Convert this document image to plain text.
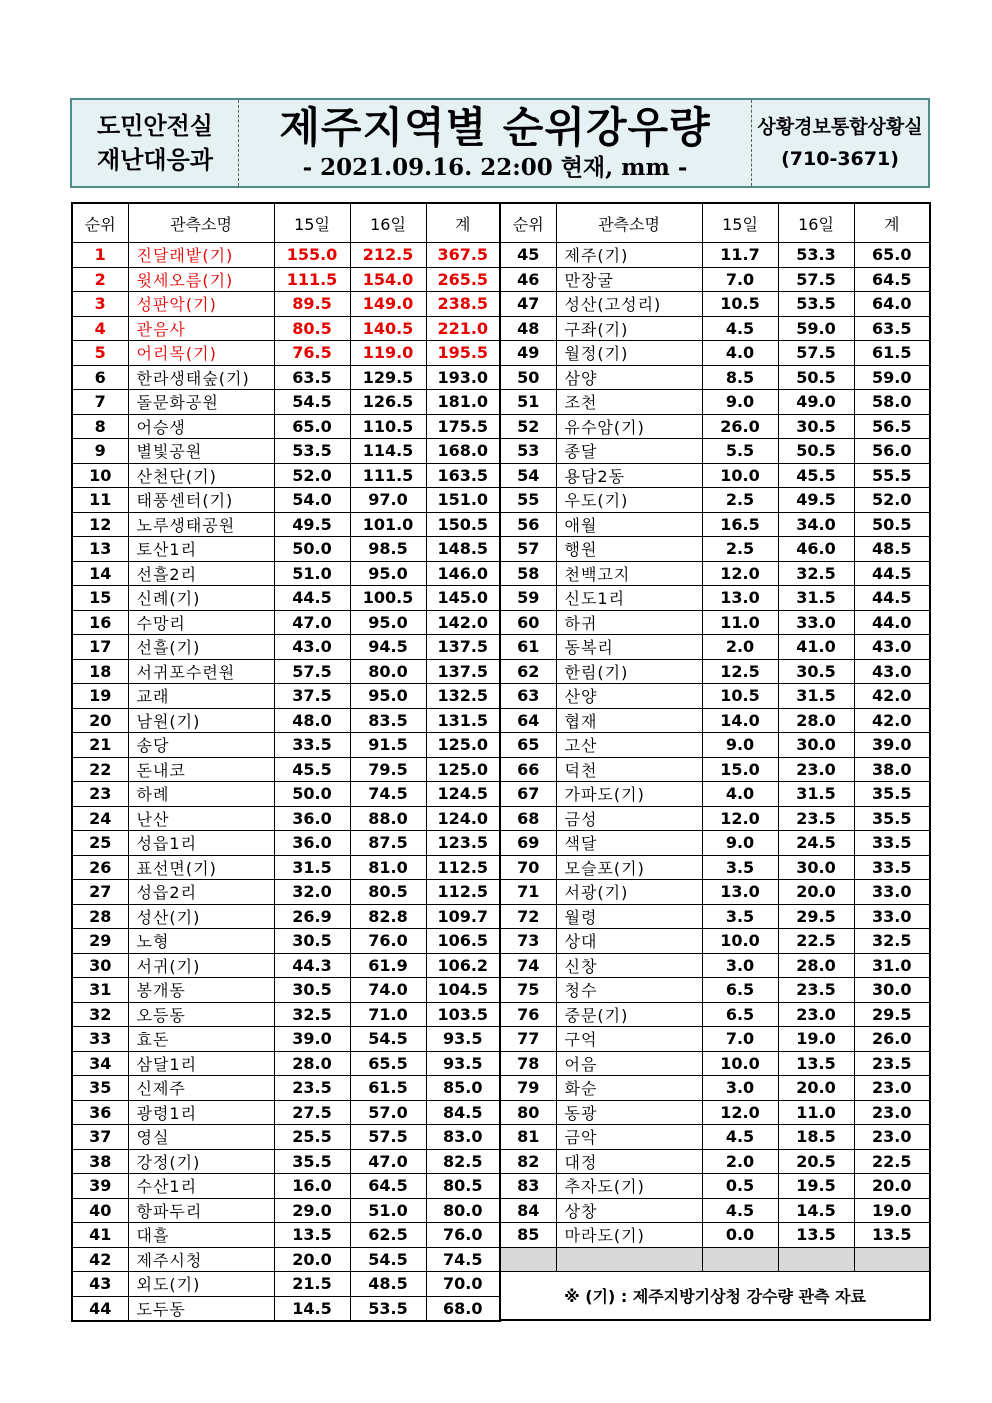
도민안전실
재난대응과
제주지역별 순위강우량
- 2021.09.16. 22:00 현재, mm -
상황경보통합상황실
(710-3671)
순위	관측소명	15일	16일	계
1	진달래밭(기)	155.0	212.5	367.5
2	윗세오름(기)	111.5	154.0	265.5
3	성판악(기)	89.5	149.0	238.5
4	관음사	80.5	140.5	221.0
5	어리목(기)	76.5	119.0	195.5
6	한라생태숲(기)	63.5	129.5	193.0
7	돌문화공원	54.5	126.5	181.0
8	어승생	65.0	110.5	175.5
9	별빛공원	53.5	114.5	168.0
10	산천단(기)	52.0	111.5	163.5
11	태풍센터(기)	54.0	97.0	151.0
12	노루생태공원	49.5	101.0	150.5
13	토산1리	50.0	98.5	148.5
14	선흘2리	51.0	95.0	146.0
15	신례(기)	44.5	100.5	145.0
16	수망리	47.0	95.0	142.0
17	선흘(기)	43.0	94.5	137.5
18	서귀포수련원	57.5	80.0	137.5
19	교래	37.5	95.0	132.5
20	남원(기)	48.0	83.5	131.5
21	송당	33.5	91.5	125.0
22	돈내코	45.5	79.5	125.0
23	하례	50.0	74.5	124.5
24	난산	36.0	88.0	124.0
25	성읍1리	36.0	87.5	123.5
26	표선면(기)	31.5	81.0	112.5
27	성읍2리	32.0	80.5	112.5
28	성산(기)	26.9	82.8	109.7
29	노형	30.5	76.0	106.5
30	서귀(기)	44.3	61.9	106.2
31	봉개동	30.5	74.0	104.5
32	오등동	32.5	71.0	103.5
33	효돈	39.0	54.5	93.5
34	삼달1리	28.0	65.5	93.5
35	신제주	23.5	61.5	85.0
36	광령1리	27.5	57.0	84.5
37	영실	25.5	57.5	83.0
38	강정(기)	35.5	47.0	82.5
39	수산1리	16.0	64.5	80.5
40	항파두리	29.0	51.0	80.0
41	대흘	13.5	62.5	76.0
42	제주시청	20.0	54.5	74.5
43	외도(기)	21.5	48.5	70.0
44	도두동	14.5	53.5	68.0
순위	관측소명	15일	16일	계
45	제주(기)	11.7	53.3	65.0
46	만장굴	7.0	57.5	64.5
47	성산(고성리)	10.5	53.5	64.0
48	구좌(기)	4.5	59.0	63.5
49	월정(기)	4.0	57.5	61.5
50	삼양	8.5	50.5	59.0
51	조천	9.0	49.0	58.0
52	유수암(기)	26.0	30.5	56.5
53	종달	5.5	50.5	56.0
54	용담2동	10.0	45.5	55.5
55	우도(기)	2.5	49.5	52.0
56	애월	16.5	34.0	50.5
57	행원	2.5	46.0	48.5
58	천백고지	12.0	32.5	44.5
59	신도1리	13.0	31.5	44.5
60	하귀	11.0	33.0	44.0
61	동복리	2.0	41.0	43.0
62	한림(기)	12.5	30.5	43.0
63	산양	10.5	31.5	42.0
64	협재	14.0	28.0	42.0
65	고산	9.0	30.0	39.0
66	덕천	15.0	23.0	38.0
67	가파도(기)	4.0	31.5	35.5
68	금성	12.0	23.5	35.5
69	색달	9.0	24.5	33.5
70	모슬포(기)	3.5	30.0	33.5
71	서광(기)	13.0	20.0	33.0
72	월령	3.5	29.5	33.0
73	상대	10.0	22.5	32.5
74	신창	3.0	28.0	31.0
75	청수	6.5	23.5	30.0
76	중문(기)	6.5	23.0	29.5
77	구억	7.0	19.0	26.0
78	어음	10.0	13.5	23.5
79	화순	3.0	20.0	23.0
80	동광	12.0	11.0	23.0
81	금악	4.5	18.5	23.0
82	대정	2.0	20.5	22.5
83	추자도(기)	0.5	19.5	20.0
84	상창	4.5	14.5	19.0
85	마라도(기)	0.0	13.5	13.5

※ (기) : 제주지방기상청 강수량 관측 자료				
